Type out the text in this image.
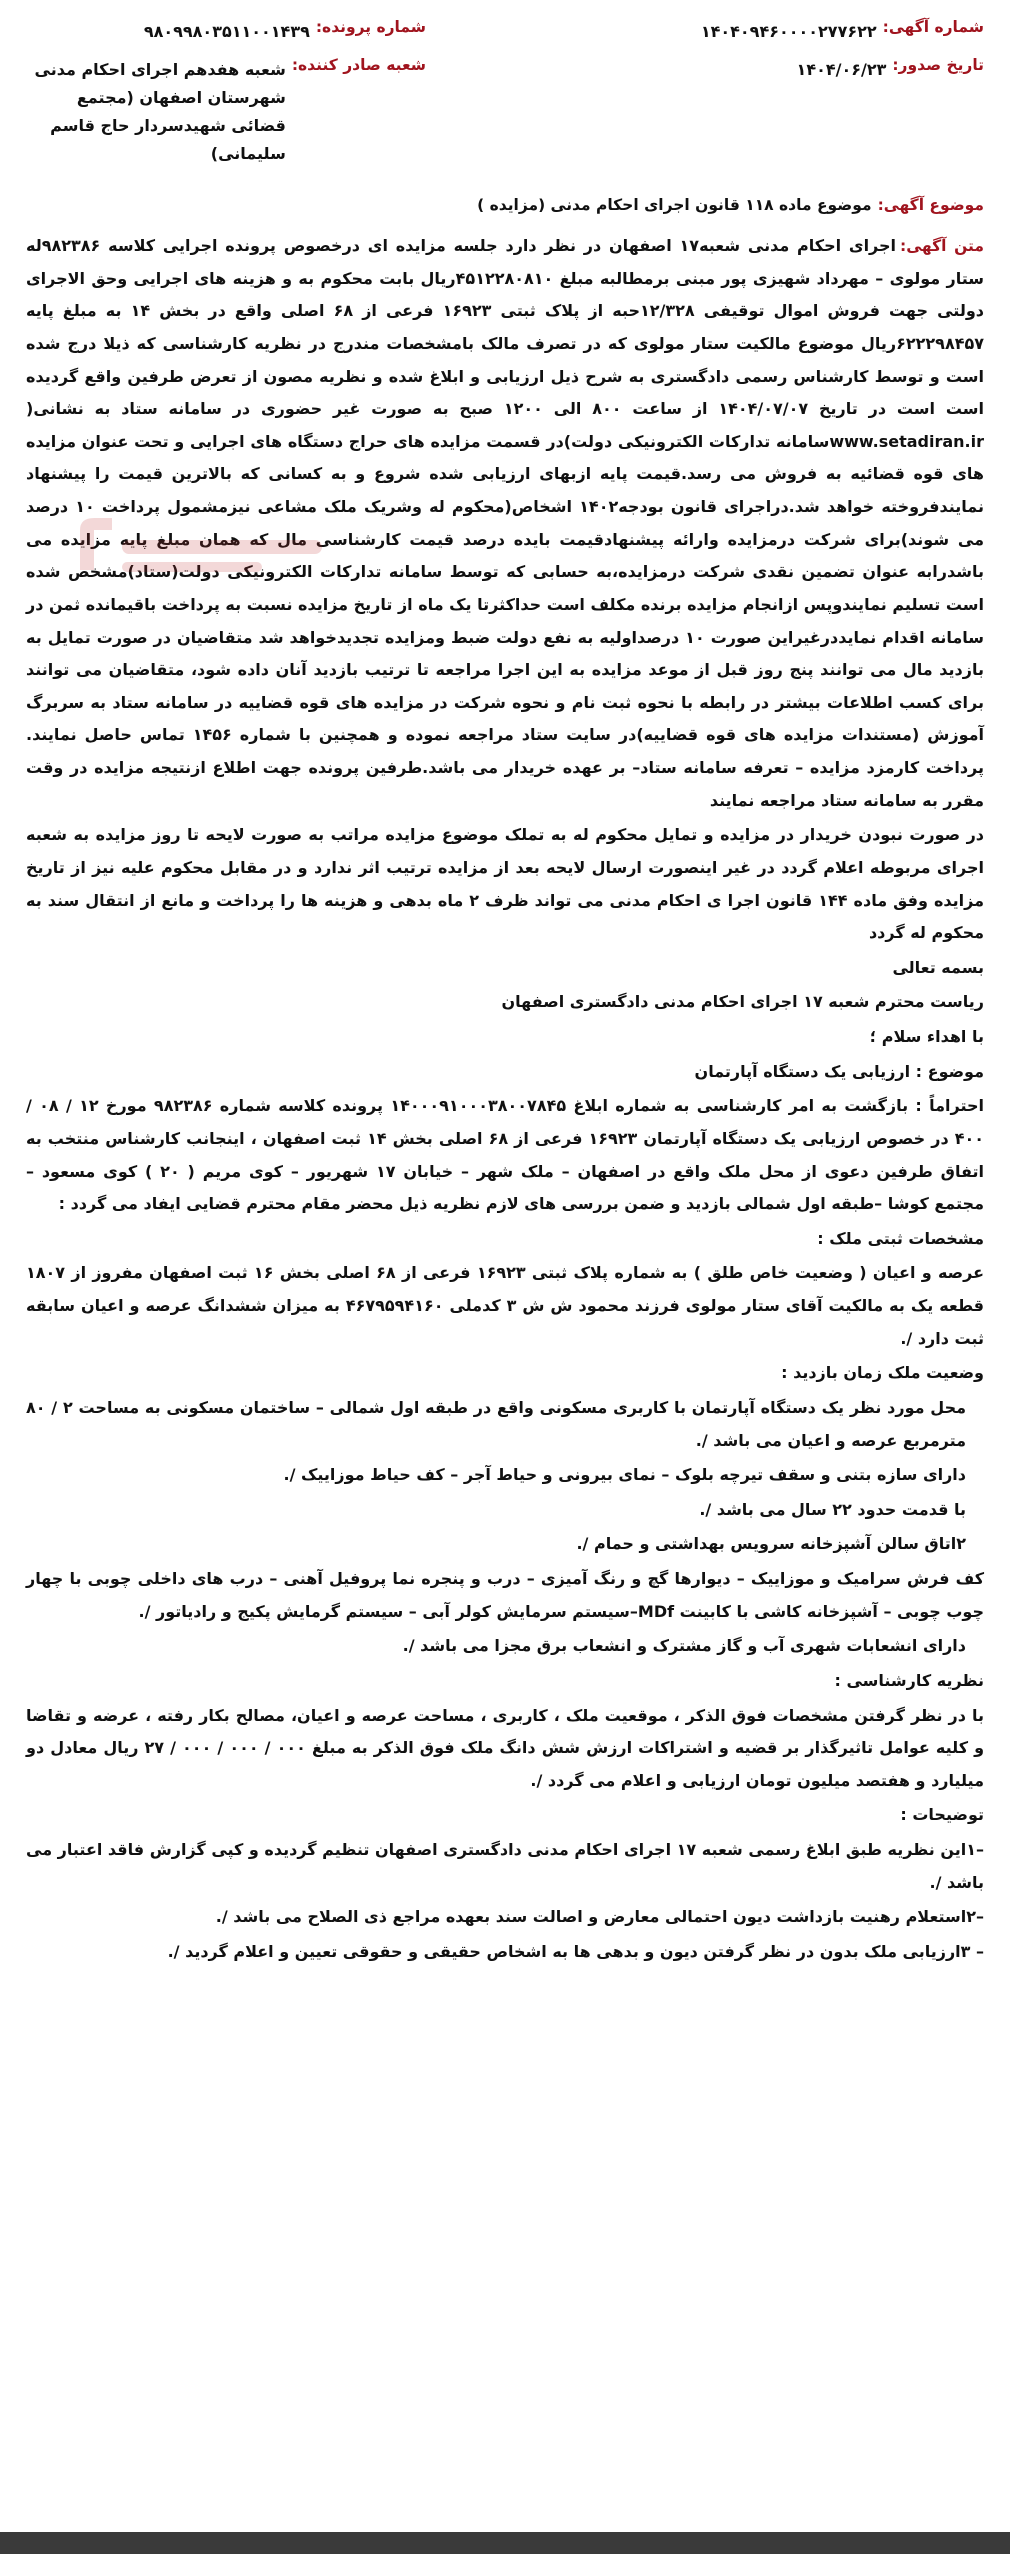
شماره آگهی:
۱۴۰۴۰۹۴۶۰۰۰۰۲۷۷۶۲۲
شماره پرونده:
۹۸۰۹۹۸۰۳۵۱۱۰۰۱۴۳۹
تاریخ صدور:
۱۴۰۴/۰۶/۲۳
شعبه صادر کننده:
شعبه هفدهم اجرای احکام مدنی شهرستان اصفهان (مجتمع قضائی شهیدسردار حاج قاسم سلیمانی)
موضوع آگهی:
موضوع ماده ۱۱۸ قانون اجرای احکام مدنی (مزایده )

متن آگهی:اجرای احکام مدنی شعبه۱۷ اصفهان در نظر دارد جلسه مزایده ای درخصوص پرونده اجرایی کلاسه ۹۸۲۳۸۶له ستار مولوی – مهرداد شهیزی پور مبنی برمطالبه مبلغ ۴۵۱۲۲۸۰۸۱۰ریال بابت محکوم به و هزینه های اجرایی وحق الاجرای دولتی جهت فروش اموال توقیفی ۱۲/۳۲۸حبه از پلاک ثبتی ۱۶۹۲۳ فرعی از ۶۸ اصلی واقع در بخش ۱۴ به مبلغ پایه ۶۲۲۲۹۸۴۵۷ریال موضوع مالکیت ستار مولوی که در تصرف مالک بامشخصات مندرج در نظریه کارشناسی که ذیلا درج شده است و توسط کارشناس رسمی دادگستری به شرح ذیل ارزیابی و ابلاغ شده و نظریه مصون از تعرض طرفین واقع گردیده است است در تاریخ ۱۴۰۴/۰۷/۰۷ از ساعت ۸۰۰ الی ۱۲۰۰ صبح به صورت غیر حضوری در سامانه ستاد به نشانی( www.setadiran.irسامانه تدارکات الکترونیکی دولت)در قسمت مزایده های حراج دستگاه های اجرایی و تحت عنوان مزایده های قوه قضائیه به فروش می رسد.قیمت پایه ازبهای ارزیابی شده شروع و به کسانی که بالاترین قیمت را پیشنهاد نمایندفروخته خواهد شد.دراجرای قانون بودجه۱۴۰۲ اشخاص(محکوم له وشریک ملک مشاعی نیزمشمول پرداخت ۱۰ درصد می شوند)برای شرکت درمزایده وارائه پیشنهادقیمت بایده درصد قیمت کارشناسی مال که همان مبلغ پایه مزایده می باشدرابه عنوان تضمین نقدی شرکت درمزایده،به حسابی که توسط سامانه تدارکات الکترونیکی دولت(ستاد)مشخص شده است تسلیم نمایندوپس ازانجام مزایده برنده مکلف است حداکثرتا یک ماه از تاریخ مزایده نسبت به پرداخت باقیمانده ثمن در سامانه اقدام نمایددرغیراین صورت ۱۰ درصداولیه به نفع دولت ضبط ومزایده تجدیدخواهد شد متقاضیان در صورت تمایل به بازدید مال می توانند پنج روز قبل از موعد مزایده به این اجرا مراجعه تا ترتیب بازدید آنان داده شود، متقاضیان می توانند برای کسب اطلاعات بیشتر در رابطه با نحوه ثبت نام و نحوه شرکت در مزایده های قوه قضاییه در سامانه ستاد به سربرگ آموزش (مستندات مزایده های قوه قضاییه)در سایت ستاد مراجعه نموده و همچنین با شماره ۱۴۵۶ تماس حاصل نمایند. پرداخت کارمزد مزایده – تعرفه سامانه ستاد– بر عهده خریدار می باشد.طرفین پرونده جهت اطلاع ازنتیجه مزایده در وقت مقرر به سامانه ستاد مراجعه نمایند

در صورت نبودن خریدار در مزایده و تمایل محکوم له به تملک موضوع مزایده مراتب به صورت لایحه تا روز مزایده به شعبه اجرای مربوطه اعلام گردد در غیر اینصورت ارسال لایحه بعد از مزایده ترتیب اثر ندارد و در مقابل محکوم علیه نیز از تاریخ مزایده وفق ماده ۱۴۴ قانون اجرا ی احکام مدنی می تواند ظرف ۲ ماه بدهی و هزینه ها را پرداخت و مانع از انتقال سند به محکوم له گردد

بسمه تعالی

ریاست محترم شعبه ۱۷ اجرای احکام مدنی دادگستری اصفهان

با اهداء سلام ؛

موضوع : ارزیابی یک دستگاه آپارتمان

احتراماً : بازگشت به امر کارشناسی به شماره ابلاغ ۱۴۰۰۰۹۱۰۰۰۳۸۰۰۷۸۴۵ پرونده کلاسه شماره ۹۸۲۳۸۶ مورخ ۱۲ / ۰۸ / ۴۰۰ در خصوص ارزیابی یک دستگاه آپارتمان ۱۶۹۲۳ فرعی از ۶۸ اصلی بخش ۱۴ ثبت اصفهان ، اینجانب کارشناس منتخب به اتفاق طرفین دعوی از محل ملک واقع در اصفهان – ملک شهر – خیابان ۱۷ شهریور – کوی مریم ( ۲۰ ) کوی مسعود – مجتمع کوشا –طبقه اول شمالی بازدید و ضمن بررسی های لازم نظریه ذیل محضر مقام محترم قضایی ایفاد می گردد :

مشخصات ثبتی ملک :

عرصه و اعیان ( وضعیت خاص طلق ) به شماره پلاک ثبتی ۱۶۹۲۳ فرعی از ۶۸ اصلی بخش ۱۶ ثبت اصفهان مفروز از ۱۸۰۷ قطعه یک به مالکیت آقای ستار مولوی فرزند محمود ش ش ۳ کدملی ۴۶۷۹۵۹۴۱۶۰ به میزان ششدانگ عرصه و اعیان سابقه ثبت دارد /.

وضعیت ملک زمان بازدید :

محل مورد نظر یک دستگاه آپارتمان با کاربری مسکونی واقع در طبقه اول شمالی – ساختمان مسکونی به مساحت ۲ / ۸۰ مترمربع عرصه و اعیان می باشد /.

دارای سازه بتنی و سقف تیرچه بلوک – نمای بیرونی و حیاط آجر – کف حیاط موزاییک /.

با قدمت حدود ۲۲ سال می باشد /.

۲اتاق سالن آشپزخانه سرویس بهداشتی و حمام /.

کف فرش سرامیک و موزاییک – دیوارها گچ و رنگ آمیزی – درب و پنجره نما پروفیل آهنی – درب های داخلی چوبی با چهار چوب چوبی – آشپزخانه کاشی با کابینت MDf–سیستم سرمایش کولر آبی – سیستم گرمایش پکیج و رادیاتور /.

دارای انشعابات شهری آب و گاز مشترک و انشعاب برق مجزا می باشد /.

نظریه کارشناسی :

با در نظر گرفتن مشخصات فوق الذکر ، موقعیت ملک ، کاربری ، مساحت عرصه و اعیان، مصالح بکار رفته ، عرضه و تقاضا و کلیه عوامل تاثیرگذار بر قضیه و اشتراکات ارزش شش دانگ ملک فوق الذکر به مبلغ ۰۰۰ / ۰۰۰ / ۰۰۰ / ۲۷ ریال معادل دو میلیارد و هفتصد میلیون تومان ارزیابی و اعلام می گردد /.

توضیحات :

–۱این نظریه طبق ابلاغ رسمی شعبه ۱۷ اجرای احکام مدنی دادگستری اصفهان تنظیم گردیده و کپی گزارش فاقد اعتبار می باشد /.

–۲استعلام رهنیت بازداشت دیون احتمالی معارض و اصالت سند بعهده مراجع ذی الصلاح می باشد /.

– ۳ارزیابی ملک بدون در نظر گرفتن دیون و بدهی ها به اشخاص حقیقی و حقوقی تعیین و اعلام گردید /.
